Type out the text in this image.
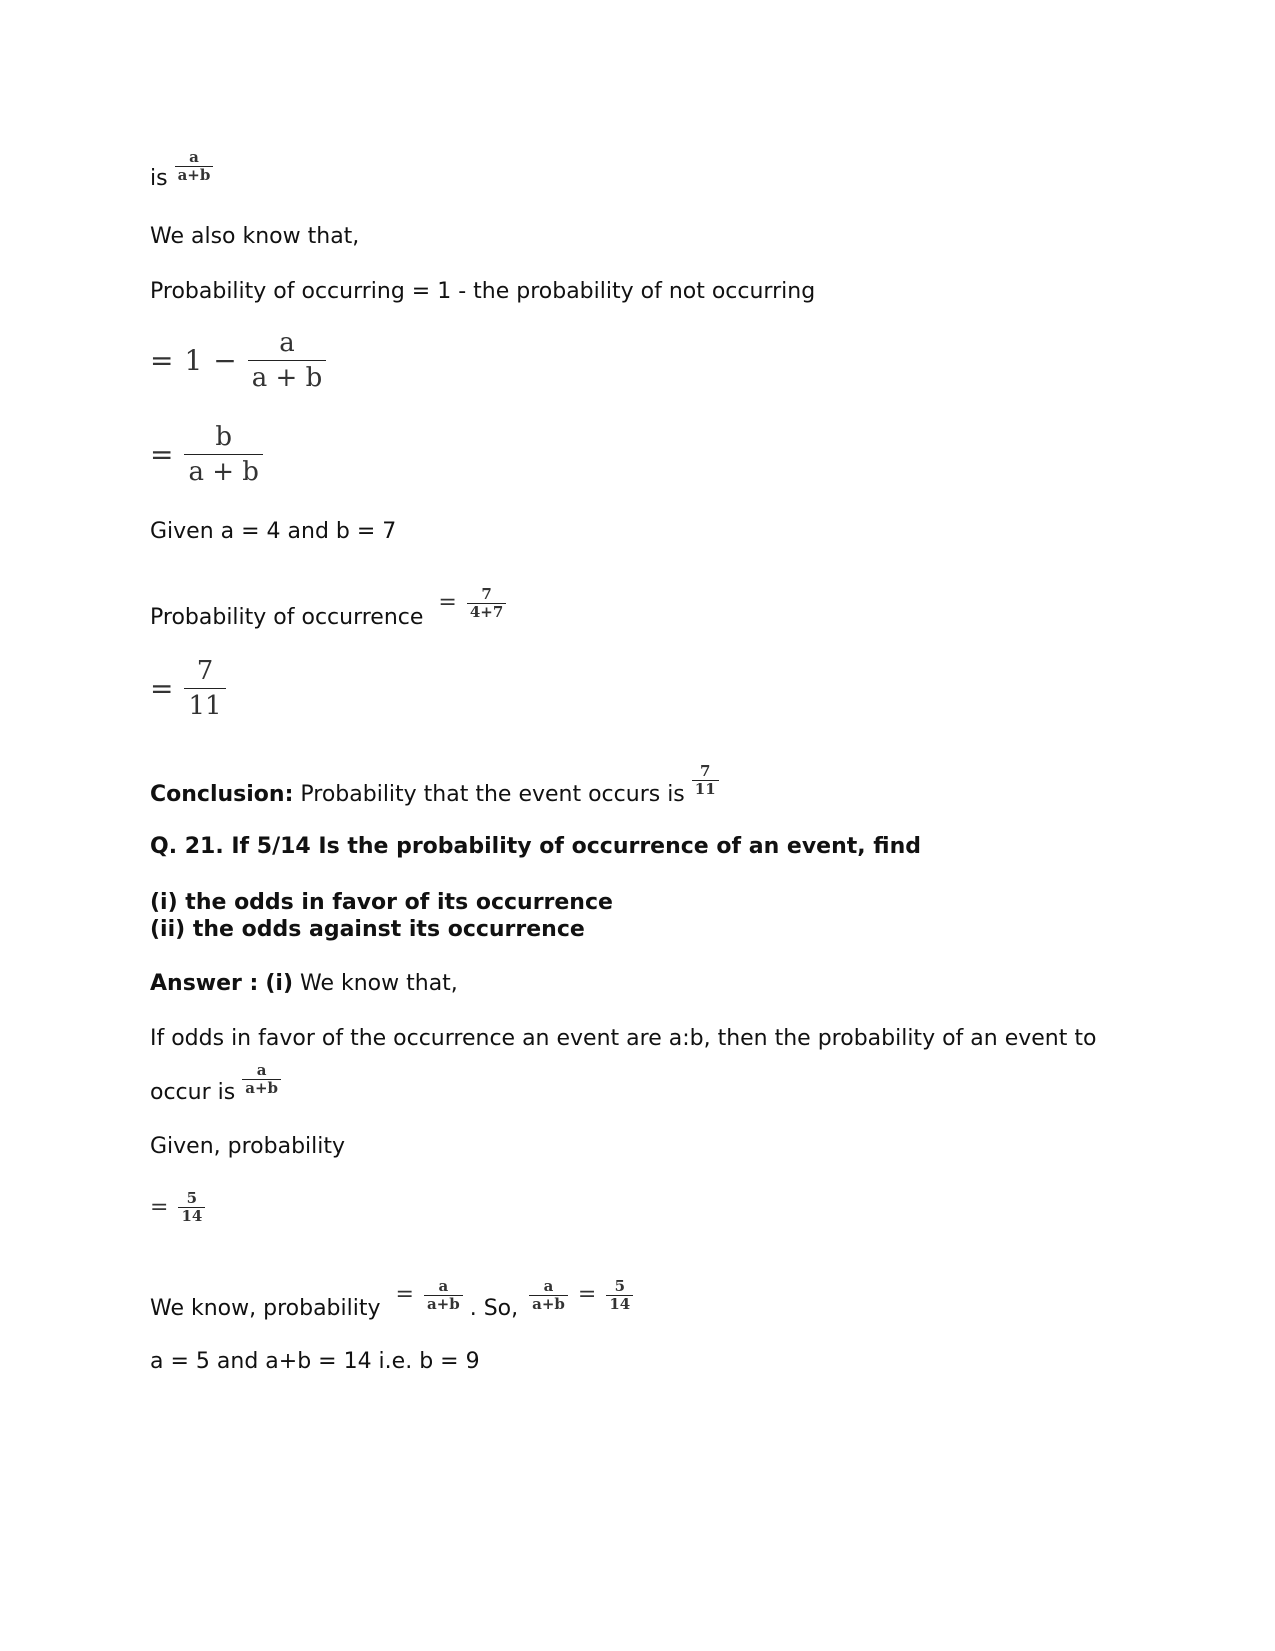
is $\frac{a}{a+b}$
We also know that,
Probability of occurring = 1 - the probability of not occurring
= $1 - \frac{a}{a + b}$
= $\frac{b}{a + b}$
Given a = 4 and b = 7
Probability of occurrence = $\frac{7}{4+7}$
= $\frac{7}{11}$
Conclusion: Probability that the event occurs is $\frac{7}{11}$
Q. 21. If 5/14 Is the probability of occurrence of an event, find
(i) the odds in favor of its occurrence
(ii) the odds against its occurrence
Answer : (i) We know that,
If odds in favor of the occurrence an event are a:b, then the probability of an event to
occur is $\frac{a}{a+b}$
Given, probability
= $\frac{5}{14}$
We know, probability = $\frac{a}{a+b}$ . So, $\frac{a}{a+b} = \frac{5}{14}$
a = 5 and a+b = 14 i.e. b = 9
